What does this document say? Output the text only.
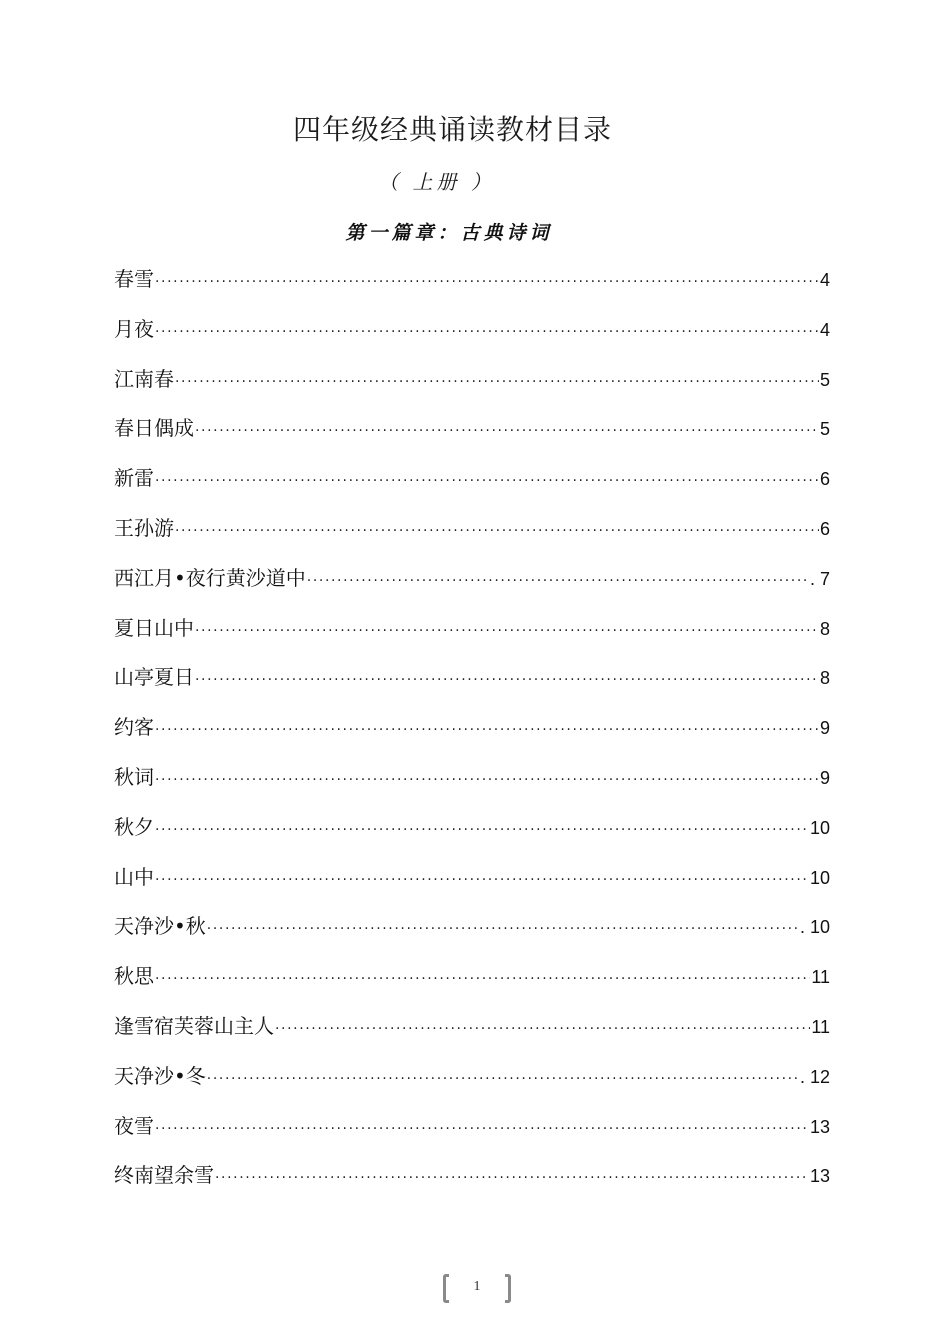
四年级经典诵读教材目录
（ 上册 ）
第一篇章：古典诗词
春雪 ·····	4
月夜 ·····	4
江南春 ·····	5
春日偶成 ·····	5
新雷 ·····	6
王孙游 ·····	6
西江月•夜行黄沙道中 ·····	. 7
夏日山中 ·····	8
山亭夏日 ·····	8
约客 ·····	9
秋词 ·····	9
秋夕 ·····	10
山中 ·····	10
天净沙•秋 ·····	. 10
秋思 ·····	11
逢雪宿芙蓉山主人 ·····	11
天净沙•冬 ·····	. 12
夜雪 ·····	13
终南望余雪 ·····	13
1
